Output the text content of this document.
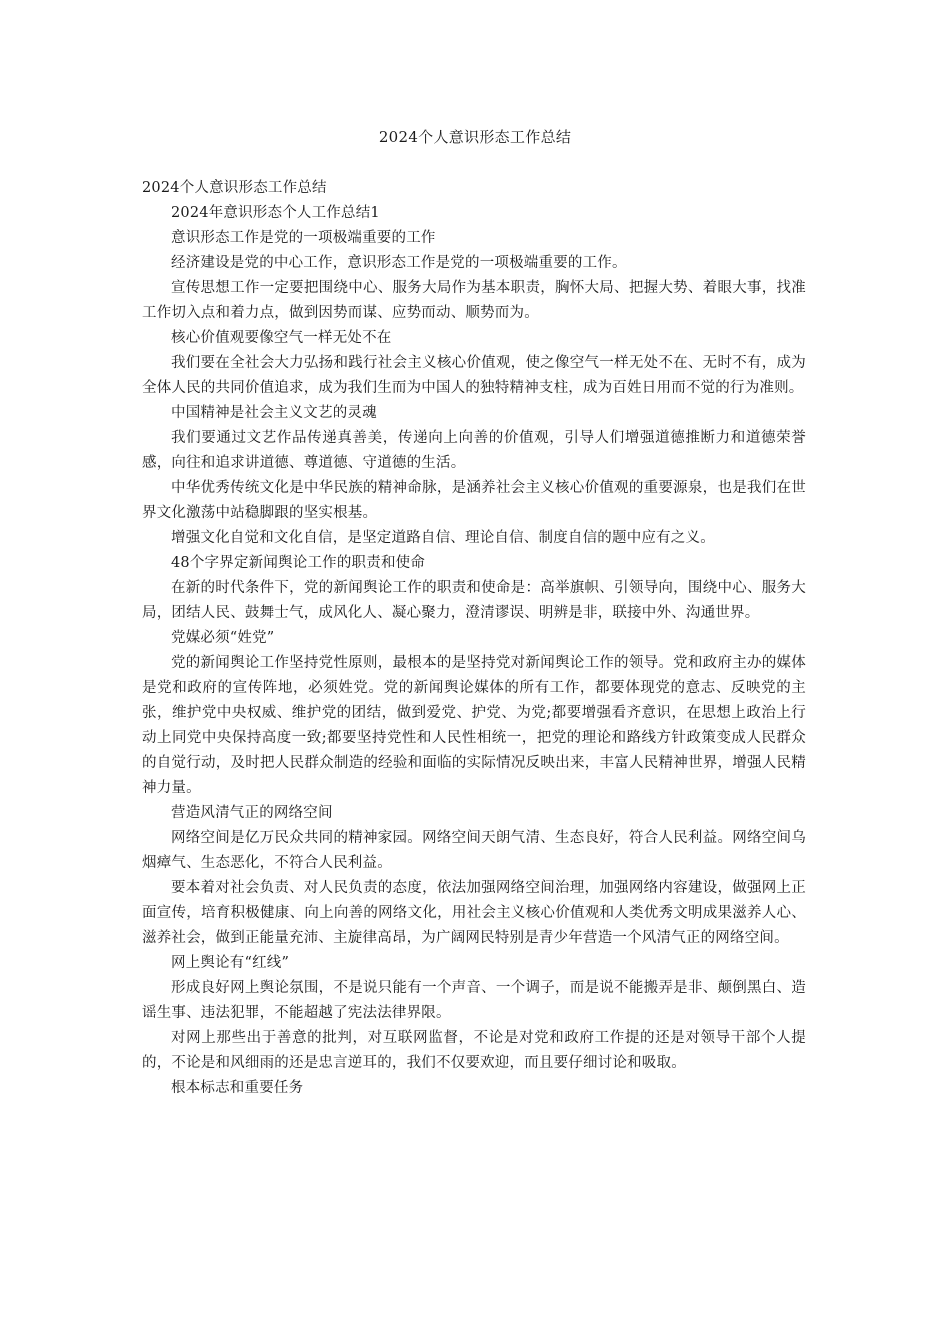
2024个人意识形态工作总结

2024个人意识形态工作总结

2024年意识形态个人工作总结1

意识形态工作是党的一项极端重要的工作

经济建设是党的中心工作，意识形态工作是党的一项极端重要的工作。

宣传思想工作一定要把围绕中心、服务大局作为基本职责，胸怀大局、把握大势、着眼大事，找准工作切入点和着力点，做到因势而谋、应势而动、顺势而为。

核心价值观要像空气一样无处不在

我们要在全社会大力弘扬和践行社会主义核心价值观，使之像空气一样无处不在、无时不有，成为全体人民的共同价值追求，成为我们生而为中国人的独特精神支柱，成为百姓日用而不觉的行为准则。

中国精神是社会主义文艺的灵魂

我们要通过文艺作品传递真善美，传递向上向善的价值观，引导人们增强道德推断力和道德荣誉感，向往和追求讲道德、尊道德、守道德的生活。

中华优秀传统文化是中华民族的精神命脉，是涵养社会主义核心价值观的重要源泉，也是我们在世界文化激荡中站稳脚跟的坚实根基。

增强文化自觉和文化自信，是坚定道路自信、理论自信、制度自信的题中应有之义。

48个字界定新闻舆论工作的职责和使命

在新的时代条件下，党的新闻舆论工作的职责和使命是：高举旗帜、引领导向，围绕中心、服务大局，团结人民、鼓舞士气，成风化人、凝心聚力，澄清谬误、明辨是非，联接中外、沟通世界。

党媒必须“姓党”

党的新闻舆论工作坚持党性原则，最根本的是坚持党对新闻舆论工作的领导。党和政府主办的媒体是党和政府的宣传阵地，必须姓党。党的新闻舆论媒体的所有工作，都要体现党的意志、反映党的主张，维护党中央权威、维护党的团结，做到爱党、护党、为党;都要增强看齐意识，在思想上政治上行动上同党中央保持高度一致;都要坚持党性和人民性相统一，把党的理论和路线方针政策变成人民群众的自觉行动，及时把人民群众制造的经验和面临的实际情况反映出来，丰富人民精神世界，增强人民精神力量。

营造风清气正的网络空间

网络空间是亿万民众共同的精神家园。网络空间天朗气清、生态良好，符合人民利益。网络空间乌烟瘴气、生态恶化，不符合人民利益。

要本着对社会负责、对人民负责的态度，依法加强网络空间治理，加强网络内容建设，做强网上正面宣传，培育积极健康、向上向善的网络文化，用社会主义核心价值观和人类优秀文明成果滋养人心、滋养社会，做到正能量充沛、主旋律高昂，为广阔网民特别是青少年营造一个风清气正的网络空间。

网上舆论有“红线”

形成良好网上舆论氛围，不是说只能有一个声音、一个调子，而是说不能搬弄是非、颠倒黑白、造谣生事、违法犯罪，不能超越了宪法法律界限。

对网上那些出于善意的批判，对互联网监督，不论是对党和政府工作提的还是对领导干部个人提的，不论是和风细雨的还是忠言逆耳的，我们不仅要欢迎，而且要仔细讨论和吸取。

根本标志和重要任务
